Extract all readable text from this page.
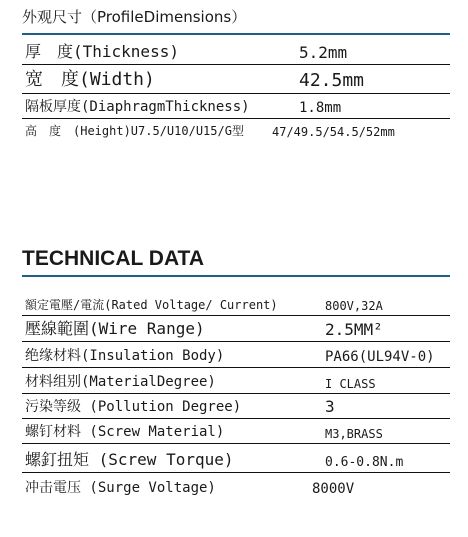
外观尺寸（ProfileDimensions）
厚　度(Thickness)	5.2mm
宽　度(Width)	42.5mm
隔板厚度(DiaphragmThickness)	1.8mm
高　度　(Height)U7.5/U10/U15/G型 47/49.5/54.5/52mm
TECHNICAL DATA
額定電壓/電流(Rated Voltage/ Current)	800V,32A
壓線範圍(Wire Range)	2.5MM²
绝缘材料(Insulation Body)	PA66(UL94V-0)
材料组别(MaterialDegree)	I CLASS
污染等级 (Pollution Degree)	3
螺钉材料 (Screw Material)	M3,BRASS
螺釘扭矩 (Screw Torque)	0.6-0.8N.m
冲击電压 (Surge Voltage)	8000V
